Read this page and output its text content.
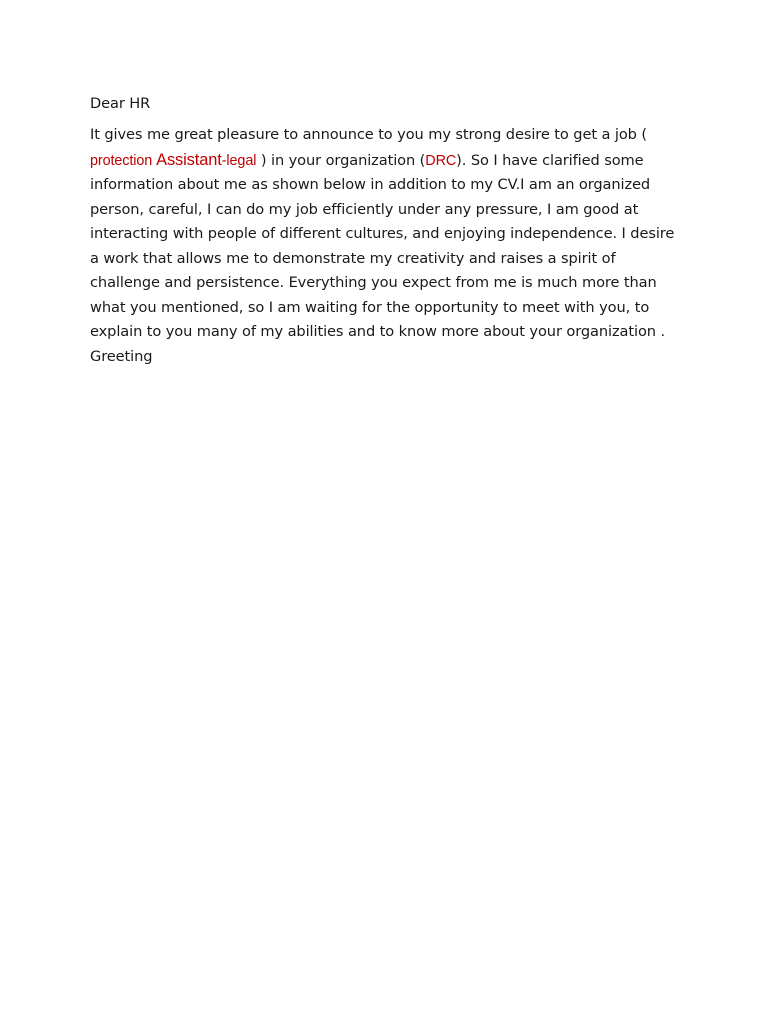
Dear HR

It gives me great pleasure to announce to you my strong desire to get a job (
protection Assistant-legal ) in your organization (DRC). So I have clarified some
information about me as shown below in addition to my CV.I am an organized
person, careful, I can do my job efficiently under any pressure, I am good at
interacting with people of different cultures, and enjoying independence. I desire
a work that allows me to demonstrate my creativity and raises a spirit of
challenge and persistence. Everything you expect from me is much more than
what you mentioned, so I am waiting for the opportunity to meet with you, to
explain to you many of my abilities and to know more about your organization .
Greeting
